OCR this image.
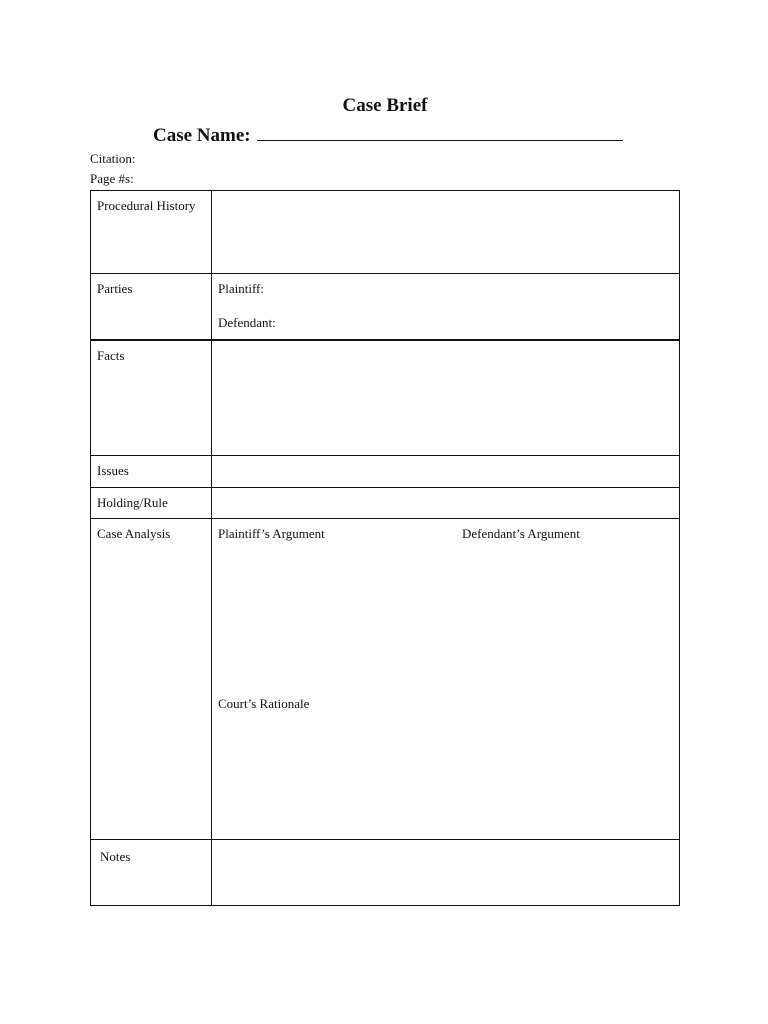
Case Brief
Case Name:
Citation:
Page #s:
Procedural History	

Parties	Plaintiff:
Defendant:

Facts	

Issues	

Holding/Rule	

Case Analysis	Plaintiff’s Argument Defendant’s Argument
Court’s Rationale

Notes	
